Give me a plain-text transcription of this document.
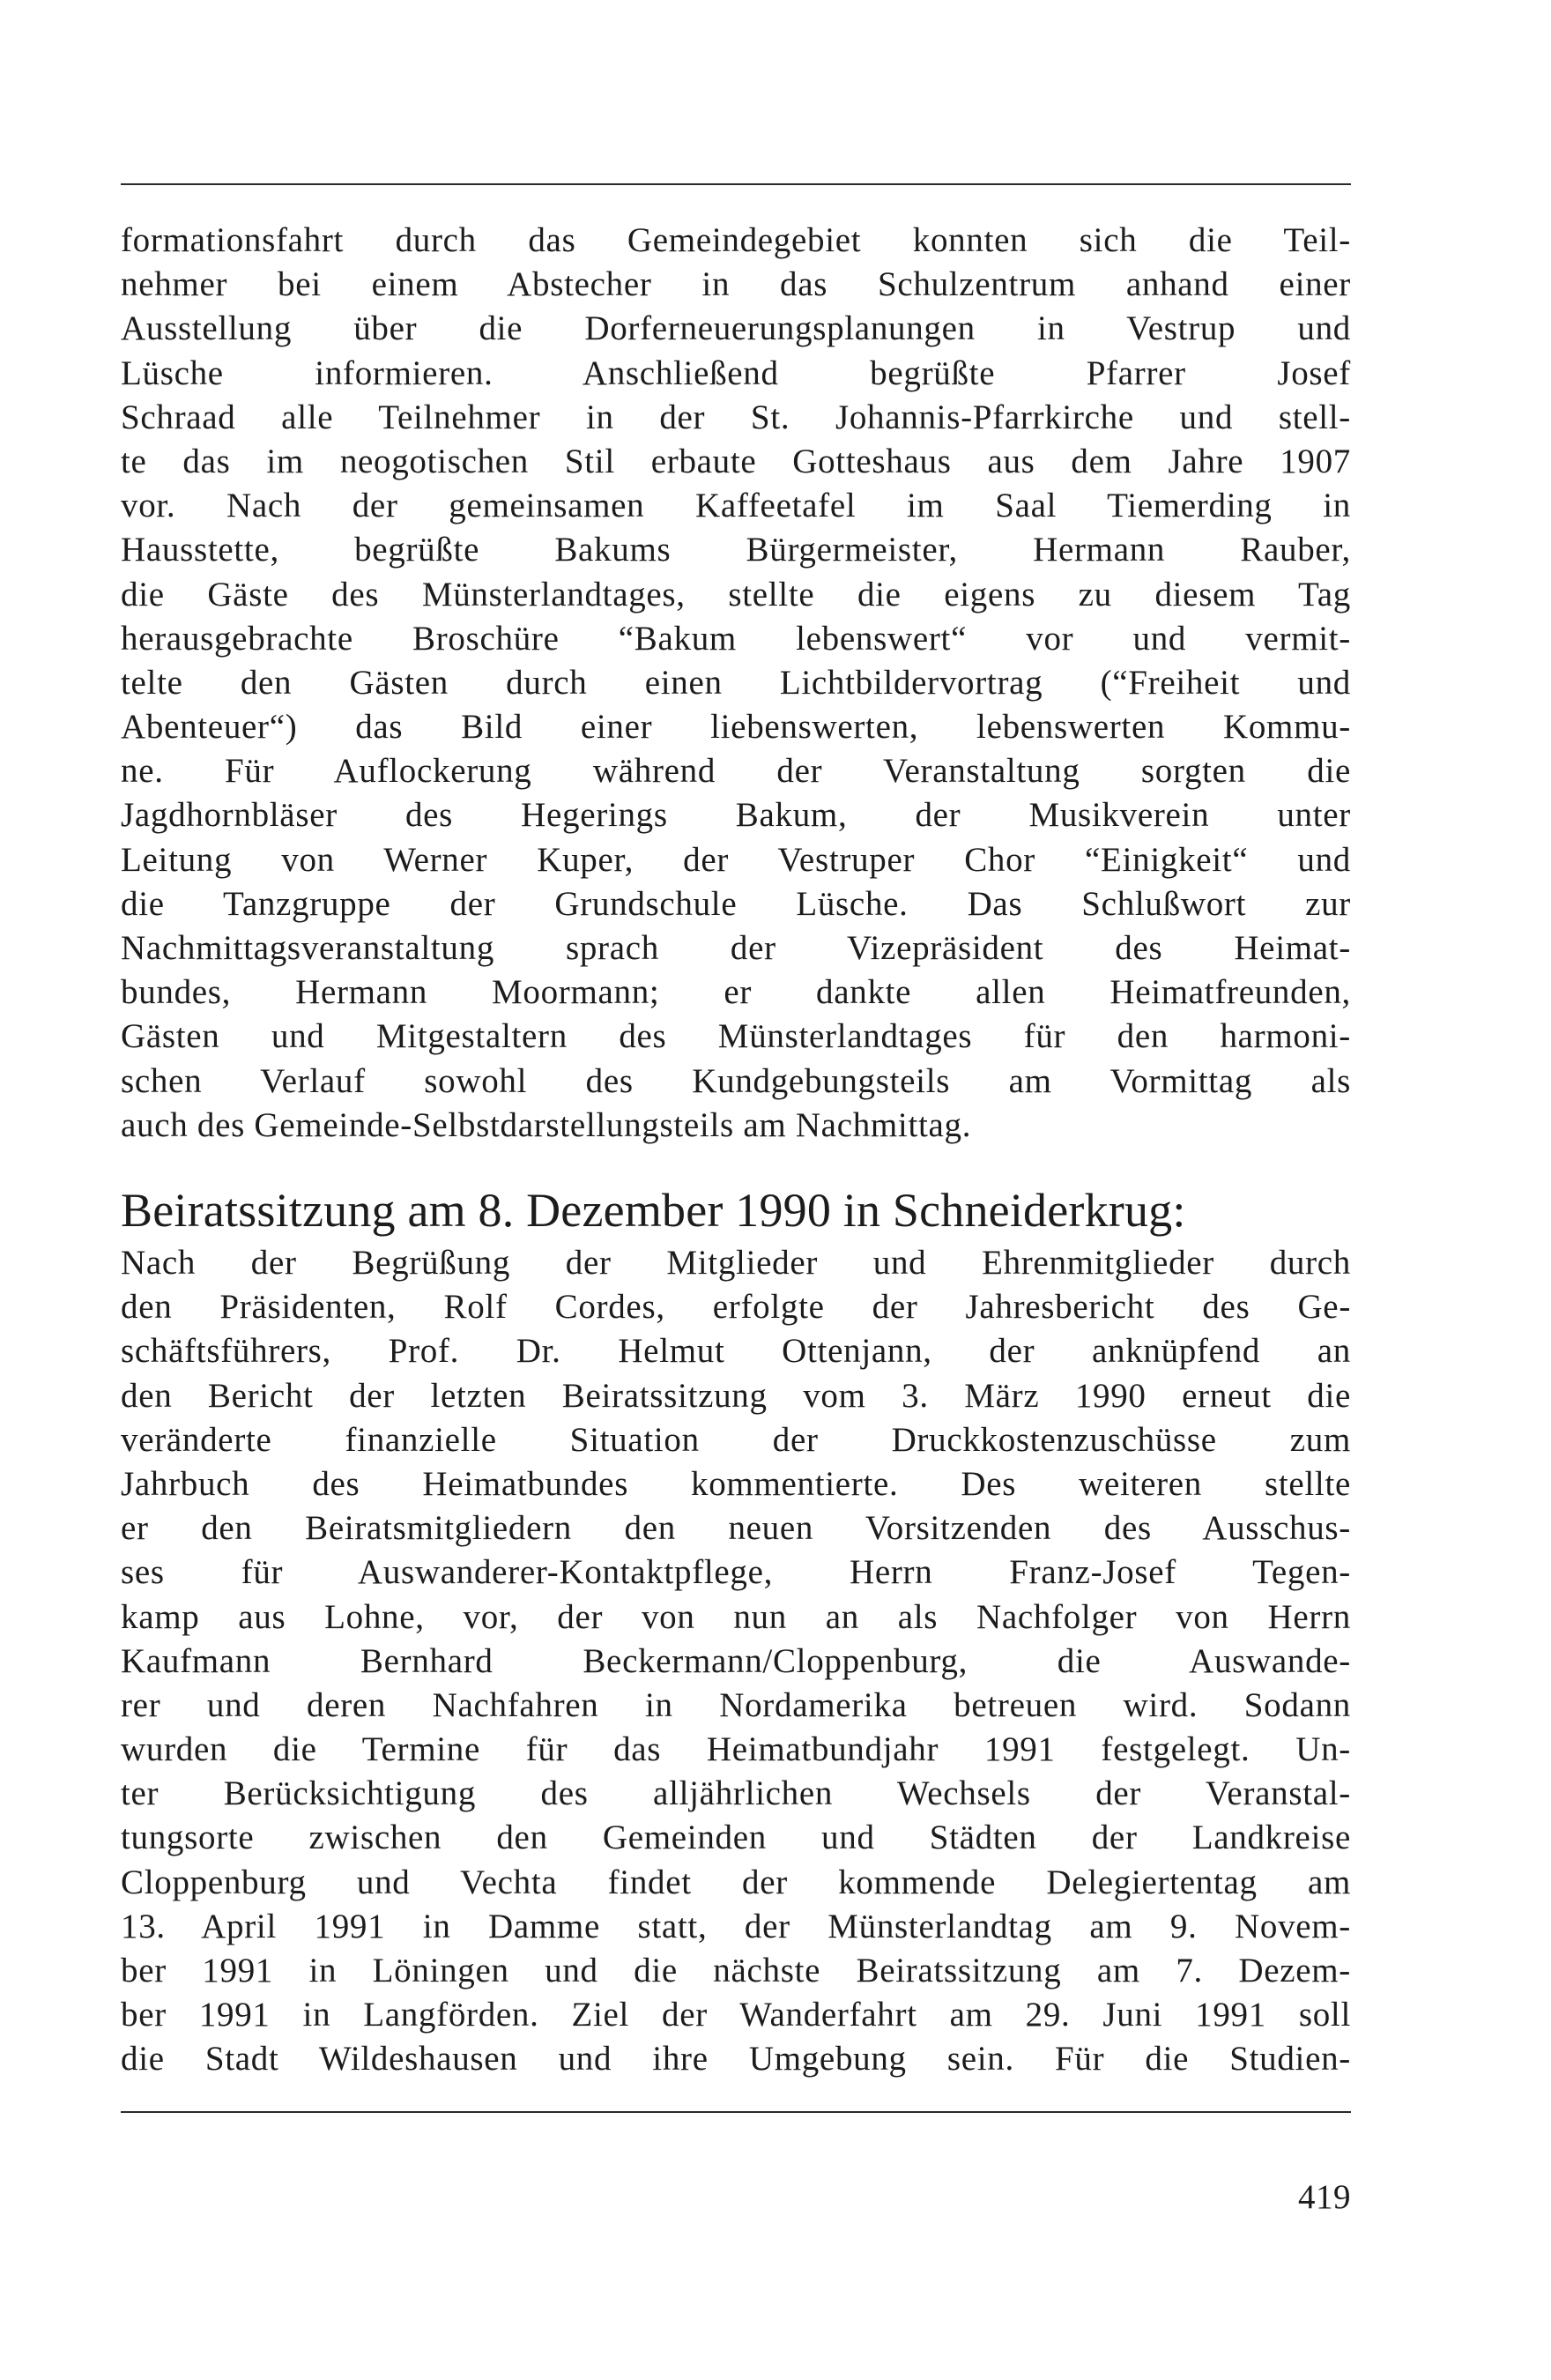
formationsfahrt durch das Gemeindegebiet konnten sich die Teil-
nehmer bei einem Abstecher in das Schulzentrum anhand einer
Ausstellung über die Dorferneuerungsplanungen in Vestrup und
Lüsche informieren. Anschließend begrüßte Pfarrer Josef
Schraad alle Teilnehmer in der St. Johannis-Pfarrkirche und stell-
te das im neogotischen Stil erbaute Gotteshaus aus dem Jahre 1907
vor. Nach der gemeinsamen Kaffeetafel im Saal Tiemerding in
Hausstette, begrüßte Bakums Bürgermeister, Hermann Rauber,
die Gäste des Münsterlandtages, stellte die eigens zu diesem Tag
herausgebrachte Broschüre “Bakum lebenswert“ vor und vermit-
telte den Gästen durch einen Lichtbildervortrag (“Freiheit und
Abenteuer“) das Bild einer liebenswerten, lebenswerten Kommu-
ne. Für Auflockerung während der Veranstaltung sorgten die
Jagdhornbläser des Hegerings Bakum, der Musikverein unter
Leitung von Werner Kuper, der Vestruper Chor “Einigkeit“ und
die Tanzgruppe der Grundschule Lüsche. Das Schlußwort zur
Nachmittagsveranstaltung sprach der Vizepräsident des Heimat-
bundes, Hermann Moormann; er dankte allen Heimatfreunden,
Gästen und Mitgestaltern des Münsterlandtages für den harmoni-
schen Verlauf sowohl des Kundgebungsteils am Vormittag als
auch des Gemeinde-Selbstdarstellungsteils am Nachmittag.
Beiratssitzung am 8. Dezember 1990 in Schneiderkrug:
Nach der Begrüßung der Mitglieder und Ehrenmitglieder durch
den Präsidenten, Rolf Cordes, erfolgte der Jahresbericht des Ge-
schäftsführers, Prof. Dr. Helmut Ottenjann, der anknüpfend an
den Bericht der letzten Beiratssitzung vom 3. März 1990 erneut die
veränderte finanzielle Situation der Druckkostenzuschüsse zum
Jahrbuch des Heimatbundes kommentierte. Des weiteren stellte
er den Beiratsmitgliedern den neuen Vorsitzenden des Ausschus-
ses für Auswanderer-Kontaktpflege, Herrn Franz-Josef Tegen-
kamp aus Lohne, vor, der von nun an als Nachfolger von Herrn
Kaufmann Bernhard Beckermann/Cloppenburg, die Auswande-
rer und deren Nachfahren in Nordamerika betreuen wird. Sodann
wurden die Termine für das Heimatbundjahr 1991 festgelegt. Un-
ter Berücksichtigung des alljährlichen Wechsels der Veranstal-
tungsorte zwischen den Gemeinden und Städten der Landkreise
Cloppenburg und Vechta findet der kommende Delegiertentag am
13. April 1991 in Damme statt, der Münsterlandtag am 9. Novem-
ber 1991 in Löningen und die nächste Beiratssitzung am 7. Dezem-
ber 1991 in Langförden. Ziel der Wanderfahrt am 29. Juni 1991 soll
die Stadt Wildeshausen und ihre Umgebung sein. Für die Studien-
419
